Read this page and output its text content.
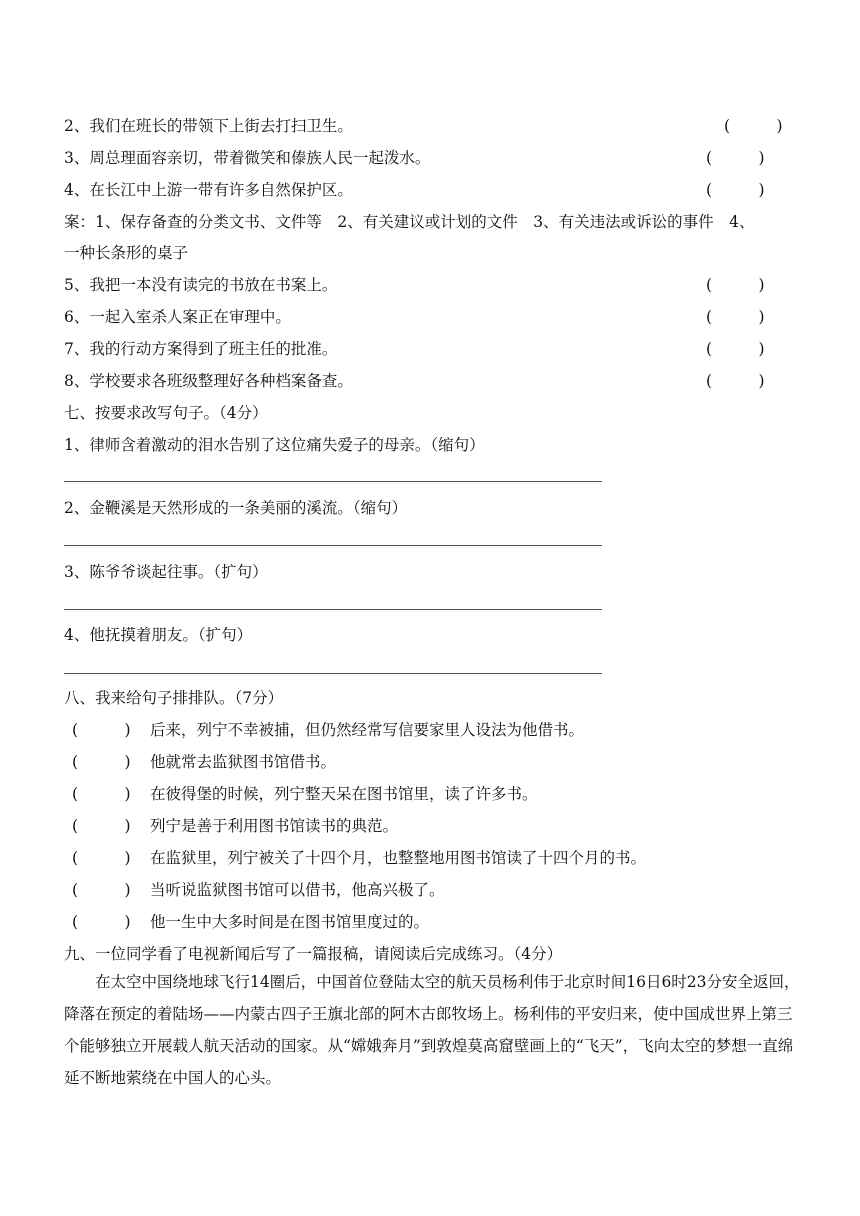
2、我们在班长的带领下上街去打扫卫生。	(　　　)
3、周总理面容亲切，带着微笑和傣族人民一起泼水。	(　　　)
4、在长江中上游一带有许多自然保护区。	(　　　)
案：1、保存备查的分类文书、文件等　2、有关建议或计划的文件　3、有关违法或诉讼的事件　4、
一种长条形的桌子
5、我把一本没有读完的书放在书案上。	(　　　)
6、一起入室杀人案正在审理中。	(　　　)
7、我的行动方案得到了班主任的批准。	(　　　)
8、学校要求各班级整理好各种档案备查。	(　　　)
七、按要求改写句子。（4分）
1、律师含着激动的泪水告别了这位痛失爱子的母亲。（缩句）
2、金鞭溪是天然形成的一条美丽的溪流。（缩句）
3、陈爷爷谈起往事。（扩句）
4、他抚摸着朋友。（扩句）
八、我来给句子排排队。（7分）
(　　　) 后来，列宁不幸被捕，但仍然经常写信要家里人设法为他借书。
(　　　) 他就常去监狱图书馆借书。
(　　　) 在彼得堡的时候，列宁整天呆在图书馆里，读了许多书。
(　　　) 列宁是善于利用图书馆读书的典范。
(　　　) 在监狱里，列宁被关了十四个月，也整整地用图书馆读了十四个月的书。
(　　　) 当听说监狱图书馆可以借书，他高兴极了。
(　　　) 他一生中大多时间是在图书馆里度过的。
九、一位同学看了电视新闻后写了一篇报稿，请阅读后完成练习。（4分）
在太空中国绕地球飞行14圈后，中国首位登陆太空的航天员杨利伟于北京时间16日6时23分安全返回，降落在预定的着陆场——内蒙古四子王旗北部的阿木古郎牧场上。杨利伟的平安归来，使中国成世界上第三个能够独立开展载人航天活动的国家。从“嫦娥奔月”到敦煌莫高窟壁画上的“飞天”，飞向太空的梦想一直绵延不断地萦绕在中国人的心头。
